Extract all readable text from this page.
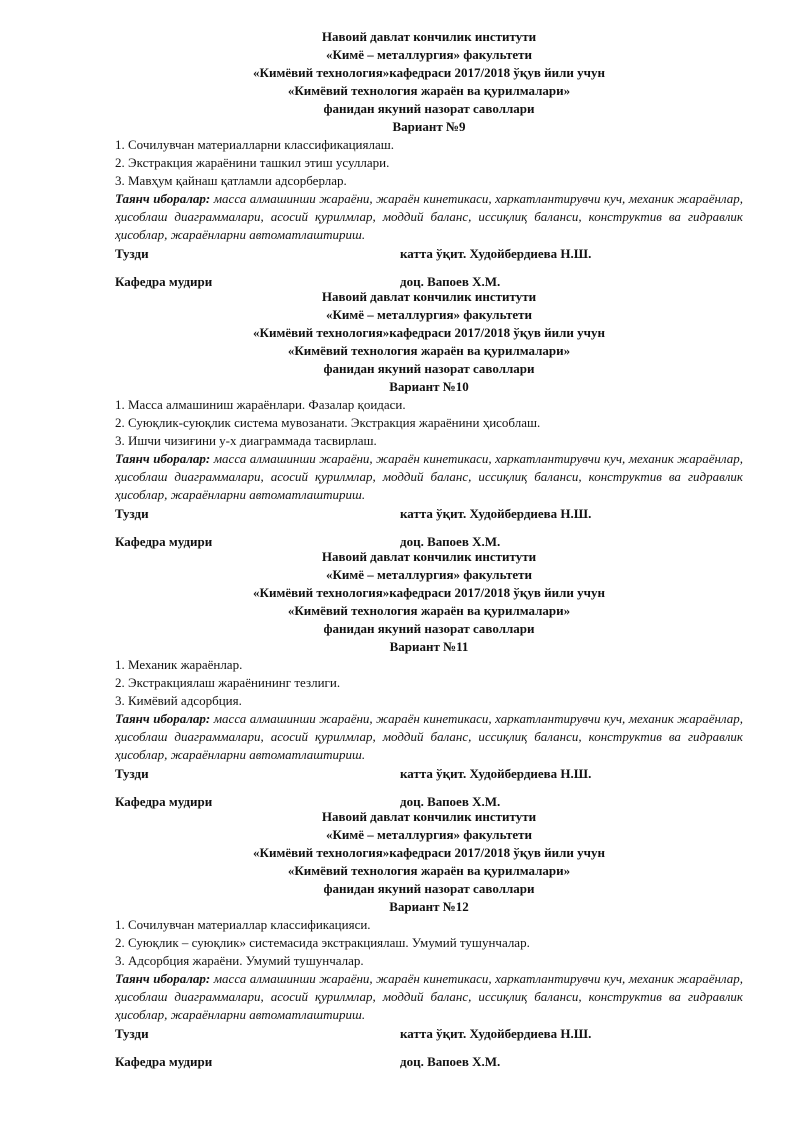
Навоий давлат кончилик институти
«Кимё – металлургия» факультети
«Кимёвий технология»кафедраси 2017/2018 ўқув йили учун
«Кимёвий технология жараён ва қурилмалари»
фанидан якуний назорат саволлари
Вариант №9
1. Сочилувчан материалларни классификациялаш.
2. Экстракция жараёнини ташкил этиш усуллари.
3. Мавҳум қайнаш қатламли адсорберлар.
Таянч иборалар: масса алмашинши жараёни, жараён кинетикаси, харкатлантирувчи куч, механик жараёнлар, ҳисоблаш диаграммалари, асосий қурилмлар, моддий баланс, иссиқлиқ баланси, конструктив ва гидравлик ҳисоблар, жараёнларни автоматлаштириш.
Тузди	катта ўқит. Худойбердиева Н.Ш.
Кафедра мудири	доц. Вапоев Х.М.
Навоий давлат кончилик институти
«Кимё – металлургия» факультети
«Кимёвий технология»кафедраси 2017/2018 ўқув йили учун
«Кимёвий технология жараён ва қурилмалари»
фанидан якуний назорат саволлари
Вариант №10
1. Масса алмашиниш жараёнлари. Фазалар қоидаси.
2. Суюқлик-суюқлик система мувозанати. Экстракция жараёнини ҳисоблаш.
3. Ишчи чизиғини у-х диаграммада тасвирлаш.
Таянч иборалар: масса алмашинши жараёни, жараён кинетикаси, харкатлантирувчи куч, механик жараёнлар, ҳисоблаш диаграммалари, асосий қурилмлар, моддий баланс, иссиқлиқ баланси, конструктив ва гидравлик ҳисоблар, жараёнларни автоматлаштириш.
Тузди	катта ўқит. Худойбердиева Н.Ш.
Кафедра мудири	доц. Вапоев Х.М.
Навоий давлат кончилик институти
«Кимё – металлургия» факультети
«Кимёвий технология»кафедраси 2017/2018 ўқув йили учун
«Кимёвий технология жараён ва қурилмалари»
фанидан якуний назорат саволлари
Вариант №11
1. Механик жараёнлар.
2. Экстракциялаш жараёнининг тезлиги.
3. Кимёвий адсорбция.
Таянч иборалар: масса алмашинши жараёни, жараён кинетикаси, харкатлантирувчи куч, механик жараёнлар, ҳисоблаш диаграммалари, асосий қурилмлар, моддий баланс, иссиқлиқ баланси, конструктив ва гидравлик ҳисоблар, жараёнларни автоматлаштириш.
Тузди	катта ўқит. Худойбердиева Н.Ш.
Кафедра мудири	доц. Вапоев Х.М.
Навоий давлат кончилик институти
«Кимё – металлургия» факультети
«Кимёвий технология»кафедраси 2017/2018 ўқув йили учун
«Кимёвий технология жараён ва қурилмалари»
фанидан якуний назорат саволлари
Вариант №12
1. Сочилувчан материаллар классификацияси.
2. Суюқлик – суюқлик» системасида экстракциялаш. Умумий тушунчалар.
3. Адсорбция жараёни. Умумий тушунчалар.
Таянч иборалар: масса алмашинши жараёни, жараён кинетикаси, харкатлантирувчи куч, механик жараёнлар, ҳисоблаш диаграммалари, асосий қурилмлар, моддий баланс, иссиқлиқ баланси, конструктив ва гидравлик ҳисоблар, жараёнларни автоматлаштириш.
Тузди	катта ўқит. Худойбердиева Н.Ш.
Кафедра мудири	доц. Вапоев Х.М.
